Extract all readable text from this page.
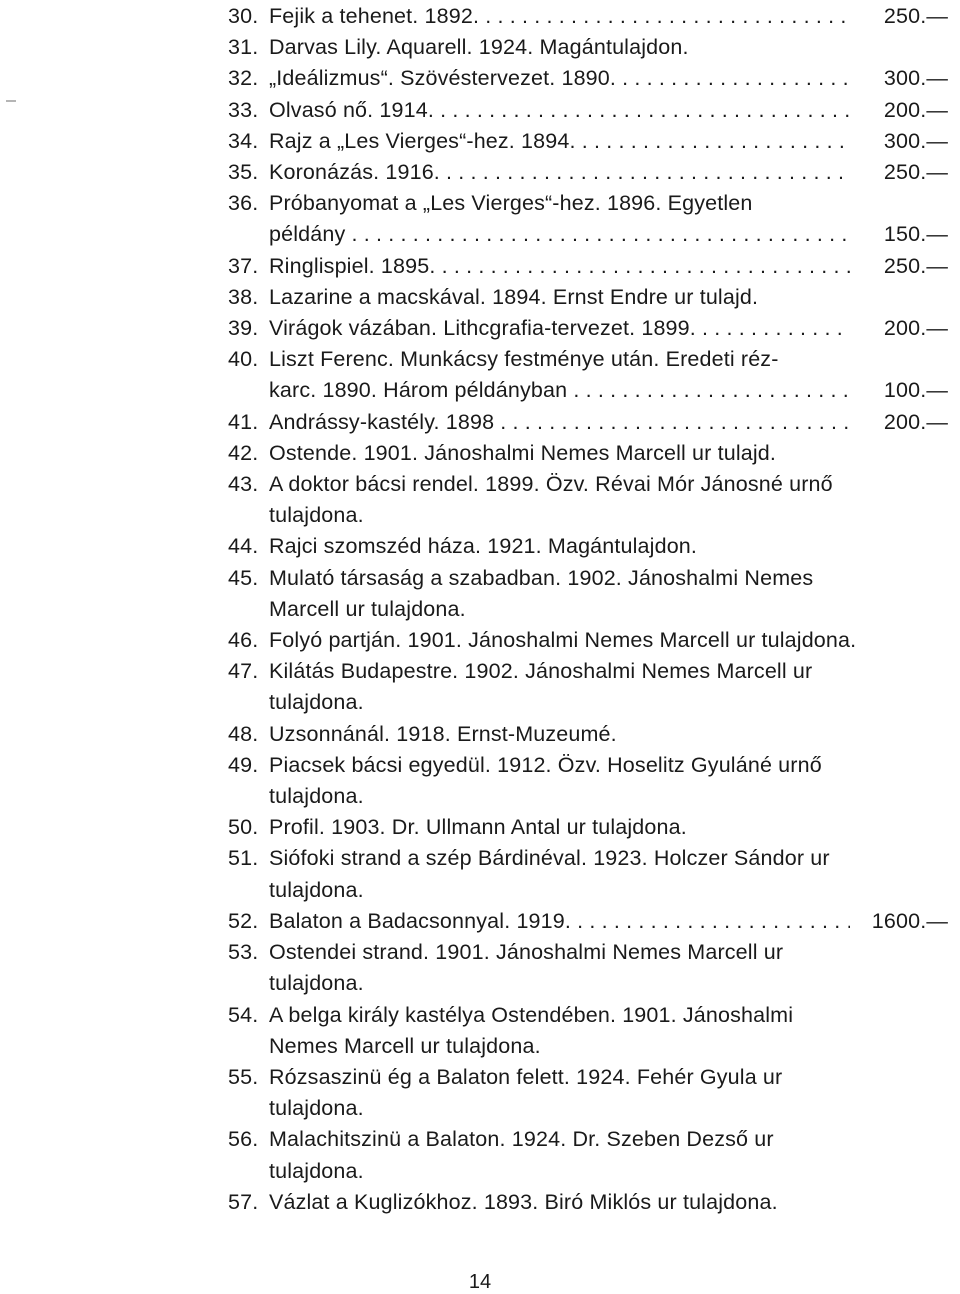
30. Fejik a tehenet. 1892. . . .	250.—
31. Darvas Lily. Aquarell. 1924. Magántulajdon.
32. „Ideálizmus“. Szövéstervezet. 1890. . . .	300.—
33. Olvasó nő. 1914. . . .	200.—
34. Rajz a „Les Vierges“-hez. 1894. . . .	300.—
35. Koronázás. 1916. . . .	250.—
36. Próbanyomat a „Les Vierges“-hez. 1896. Egyetlen
példány . . .	150.—
37. Ringlispiel. 1895. . . .	250.—
38. Lazarine a macskával. 1894. Ernst Endre ur tulajd.
39. Virágok vázában. Lithcgrafia-tervezet. 1899. . . .	200.—
40. Liszt Ferenc. Munkácsy festménye után. Eredeti réz-
karc. 1890. Három példányban . . .	100.—
41. Andrássy-kastély. 1898 . . .	200.—
42. Ostende. 1901. Jánoshalmi Nemes Marcell ur tulajd.
43. A doktor bácsi rendel. 1899. Özv. Révai Mór Jánosné urnő tulajdona.
44. Rajci szomszéd háza. 1921. Magántulajdon.
45. Mulató társaság a szabadban. 1902. Jánoshalmi Nemes Marcell ur tulajdona.
46. Folyó partján. 1901. Jánoshalmi Nemes Marcell ur tulajdona.
47. Kilátás Budapestre. 1902. Jánoshalmi Nemes Marcell ur tulajdona.
48. Uzsonnánál. 1918. Ernst-Muzeumé.
49. Piacsek bácsi egyedül. 1912. Özv. Hoselitz Gyuláné urnő tulajdona.
50. Profil. 1903. Dr. Ullmann Antal ur tulajdona.
51. Siófoki strand a szép Bárdinéval. 1923. Holczer Sándor ur tulajdona.
52. Balaton a Badacsonnyal. 1919. . . .	1600.—
53. Ostendei strand. 1901. Jánoshalmi Nemes Marcell ur tulajdona.
54. A belga király kastélya Ostendében. 1901. Jánoshalmi Nemes Marcell ur tulajdona.
55. Rózsaszinü ég a Balaton felett. 1924. Fehér Gyula ur tulajdona.
56. Malachitszinü a Balaton. 1924. Dr. Szeben Dezső ur tulajdona.
57. Vázlat a Kuglizókhoz. 1893. Biró Miklós ur tulajdona.
14
